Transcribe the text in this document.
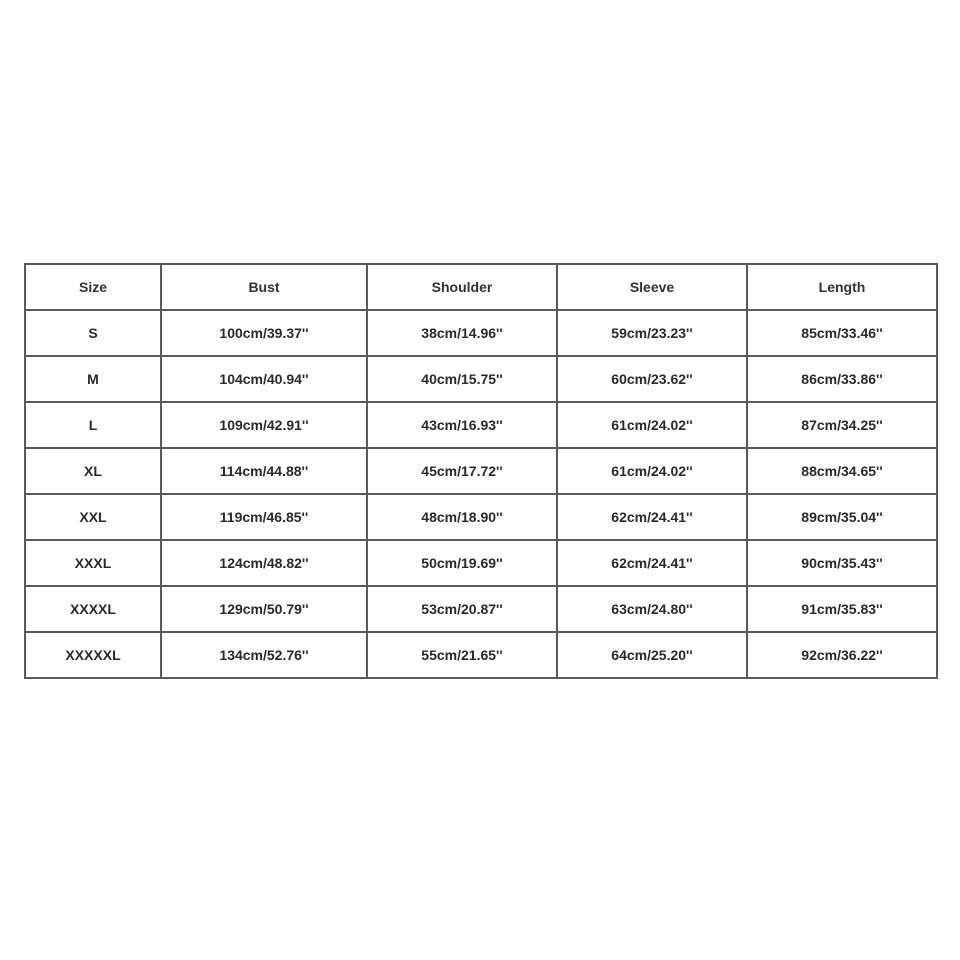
Size	Bust	Shoulder	Sleeve	Length
S	100cm/39.37''	38cm/14.96''	59cm/23.23''	85cm/33.46''
M	104cm/40.94''	40cm/15.75''	60cm/23.62''	86cm/33.86''
L	109cm/42.91''	43cm/16.93''	61cm/24.02''	87cm/34.25''
XL	114cm/44.88''	45cm/17.72''	61cm/24.02''	88cm/34.65''
XXL	119cm/46.85''	48cm/18.90''	62cm/24.41''	89cm/35.04''
XXXL	124cm/48.82''	50cm/19.69''	62cm/24.41''	90cm/35.43''
XXXXL	129cm/50.79''	53cm/20.87''	63cm/24.80''	91cm/35.83''
XXXXXL	134cm/52.76''	55cm/21.65''	64cm/25.20''	92cm/36.22''
